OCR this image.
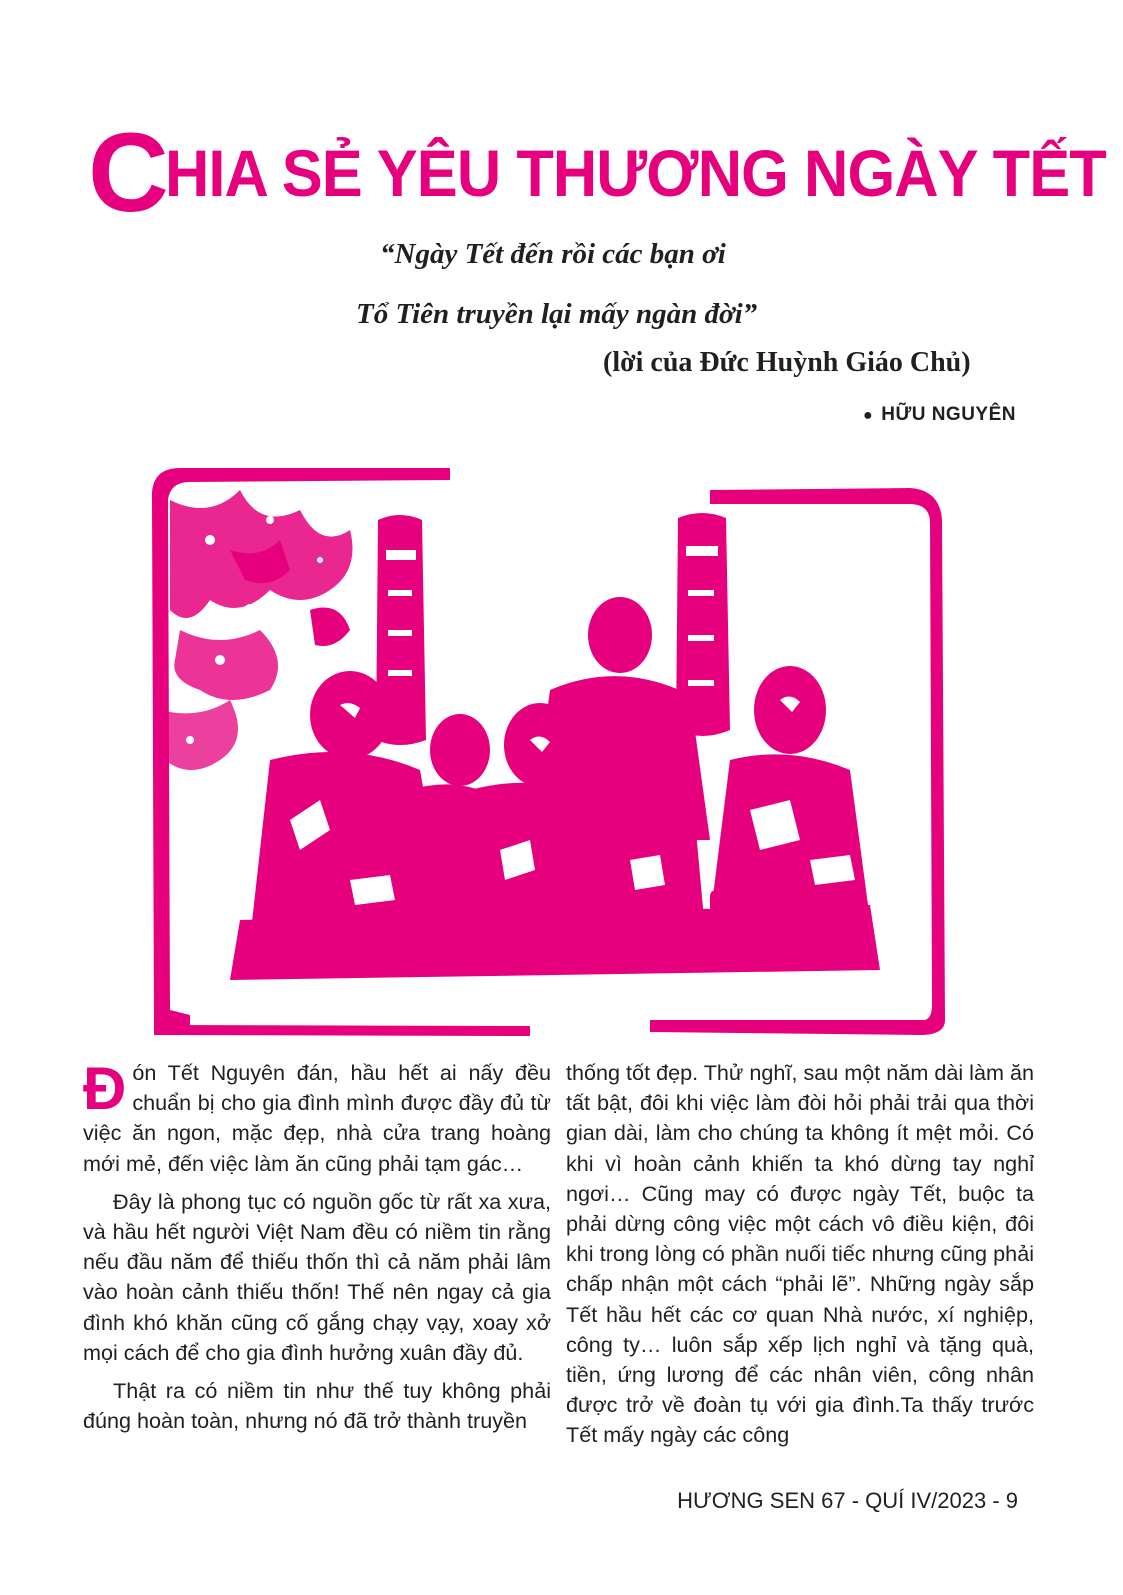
CHIA SẺ YÊU THƯƠNG NGÀY TẾT
“Ngày Tết đến rồi các bạn ơi
Tổ Tiên truyền lại mấy ngàn đời”
(lời của Đức Huỳnh Giáo Chủ)
● HỮU NGUYÊN

Đón Tết Nguyên đán, hầu hết ai nấy đều chuẩn bị cho gia đình mình được đầy đủ từ việc ăn ngon, mặc đẹp, nhà cửa trang hoàng mới mẻ, đến việc làm ăn cũng phải tạm gác…

Đây là phong tục có nguồn gốc từ rất xa xưa, và hầu hết người Việt Nam đều có niềm tin rằng nếu đầu năm để thiếu thốn thì cả năm phải lâm vào hoàn cảnh thiếu thốn! Thế nên ngay cả gia đình khó khăn cũng cố gắng chạy vạy, xoay xở mọi cách để cho gia đình hưởng xuân đầy đủ.

Thật ra có niềm tin như thế tuy không phải đúng hoàn toàn, nhưng nó đã trở thành truyền

thống tốt đẹp. Thử nghĩ, sau một năm dài làm ăn tất bật, đôi khi việc làm đòi hỏi phải trải qua thời gian dài, làm cho chúng ta không ít mệt mỏi. Có khi vì hoàn cảnh khiến ta khó dừng tay nghỉ ngơi… Cũng may có được ngày Tết, buộc ta phải dừng công việc một cách vô điều kiện, đôi khi trong lòng có phần nuối tiếc nhưng cũng phải chấp nhận một cách “phải lẽ”. Những ngày sắp Tết hầu hết các cơ quan Nhà nước, xí nghiệp, công ty… luôn sắp xếp lịch nghỉ và tặng quà, tiền, ứng lương để các nhân viên, công nhân được trở về đoàn tụ với gia đình.Ta thấy trước Tết mấy ngày các công

HƯƠNG SEN 67 - QUÍ IV/2023 - 9
